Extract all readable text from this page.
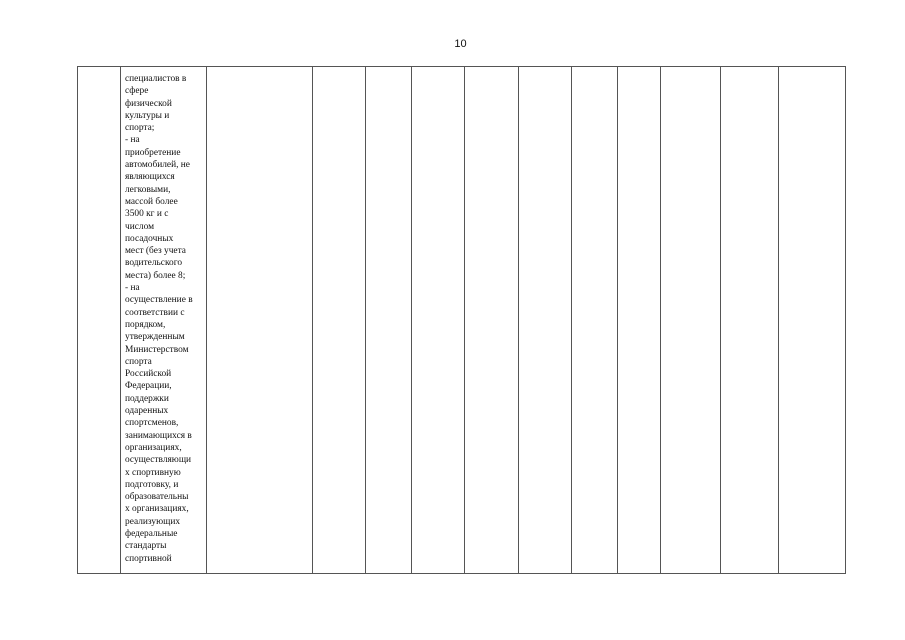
10

специалистов в
сфере
физической
культуры и
спорта;
- на
приобретение
автомобилей, не
являющихся
легковыми,
массой более
3500 кг и с
числом
посадочных
мест (без учета
водительского
места) более 8;
- на
осуществление в
соответствии с
порядком,
утвержденным
Министерством
спорта
Российской
Федерации,
поддержки
одаренных
спортсменов,
занимающихся в
организациях,
осуществляющи
х спортивную
подготовку, и
образовательны
х организациях,
реализующих
федеральные
стандарты
спортивной
